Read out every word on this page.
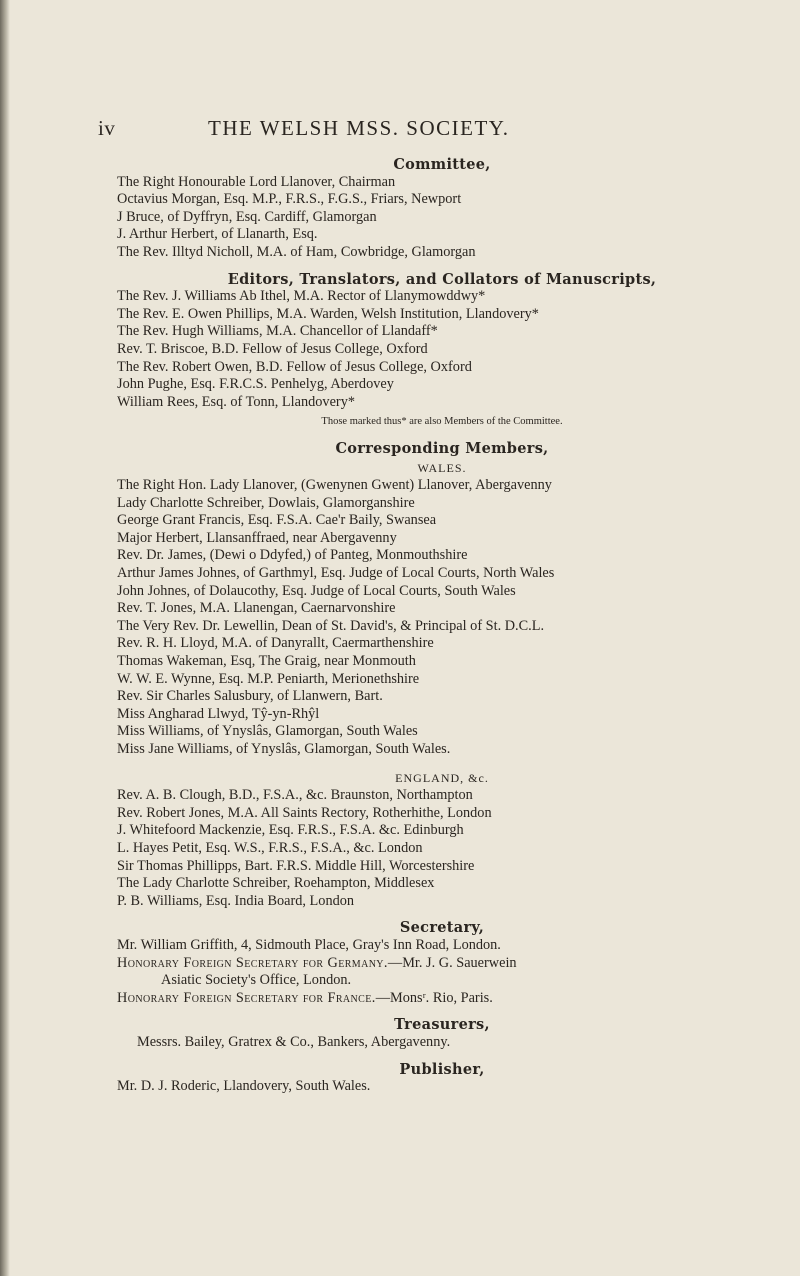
iv	THE WELSH MSS. SOCIETY.

Committee,

The Right Honourable Lord Llanover, Chairman

Octavius Morgan, Esq. M.P., F.R.S., F.G.S., Friars, Newport

J Bruce, of Dyffryn, Esq. Cardiff, Glamorgan

J. Arthur Herbert, of Llanarth, Esq.

The Rev. Illtyd Nicholl, M.A. of Ham, Cowbridge, Glamorgan

Editors, Translators, and Collators of Manuscripts,

The Rev. J. Williams Ab Ithel, M.A. Rector of Llanymowddwy*

The Rev. E. Owen Phillips, M.A. Warden, Welsh Institution, Llandovery*

The Rev. Hugh Williams, M.A. Chancellor of Llandaff*

Rev. T. Briscoe, B.D. Fellow of Jesus College, Oxford

The Rev. Robert Owen, B.D. Fellow of Jesus College, Oxford

John Pughe, Esq. F.R.C.S. Penhelyg, Aberdovey

William Rees, Esq. of Tonn, Llandovery*

Those marked thus* are also Members of the Committee.

Corresponding Members,

WALES.

The Right Hon. Lady Llanover, (Gwenynen Gwent) Llanover, Abergavenny

Lady Charlotte Schreiber, Dowlais, Glamorganshire

George Grant Francis, Esq. F.S.A. Cae'r Baily, Swansea

Major Herbert, Llansanffraed, near Abergavenny

Rev. Dr. James, (Dewi o Ddyfed,) of Panteg, Monmouthshire

Arthur James Johnes, of Garthmyl, Esq. Judge of Local Courts, North Wales

John Johnes, of Dolaucothy, Esq. Judge of Local Courts, South Wales

Rev. T. Jones, M.A. Llanengan, Caernarvonshire

The Very Rev. Dr. Lewellin, Dean of St. David's, & Principal of St. D.C.L.

Rev. R. H. Lloyd, M.A. of Danyrallt, Caermarthenshire

Thomas Wakeman, Esq, The Graig, near Monmouth

W. W. E. Wynne, Esq. M.P. Peniarth, Merionethshire

Rev. Sir Charles Salusbury, of Llanwern, Bart.

Miss Angharad Llwyd, Tŷ-yn-Rhŷl

Miss Williams, of Ynyslâs, Glamorgan, South Wales

Miss Jane Williams, of Ynyslâs, Glamorgan, South Wales.

ENGLAND, &c.

Rev. A. B. Clough, B.D., F.S.A., &c. Braunston, Northampton

Rev. Robert Jones, M.A. All Saints Rectory, Rotherhithe, London

J. Whitefoord Mackenzie, Esq. F.R.S., F.S.A. &c. Edinburgh

L. Hayes Petit, Esq. W.S., F.R.S., F.S.A., &c. London

Sir Thomas Phillipps, Bart. F.R.S. Middle Hill, Worcestershire

The Lady Charlotte Schreiber, Roehampton, Middlesex

P. B. Williams, Esq. India Board, London

Secretary,

Mr. William Griffith, 4, Sidmouth Place, Gray's Inn Road, London.

Honorary Foreign Secretary for Germany.—Mr. J. G. Sauerwein

Asiatic Society's Office, London.

Honorary Foreign Secretary for France.—Monsʳ. Rio, Paris.

Treasurers,

Messrs. Bailey, Gratrex & Co., Bankers, Abergavenny.

Publisher,

Mr. D. J. Roderic, Llandovery, South Wales.
